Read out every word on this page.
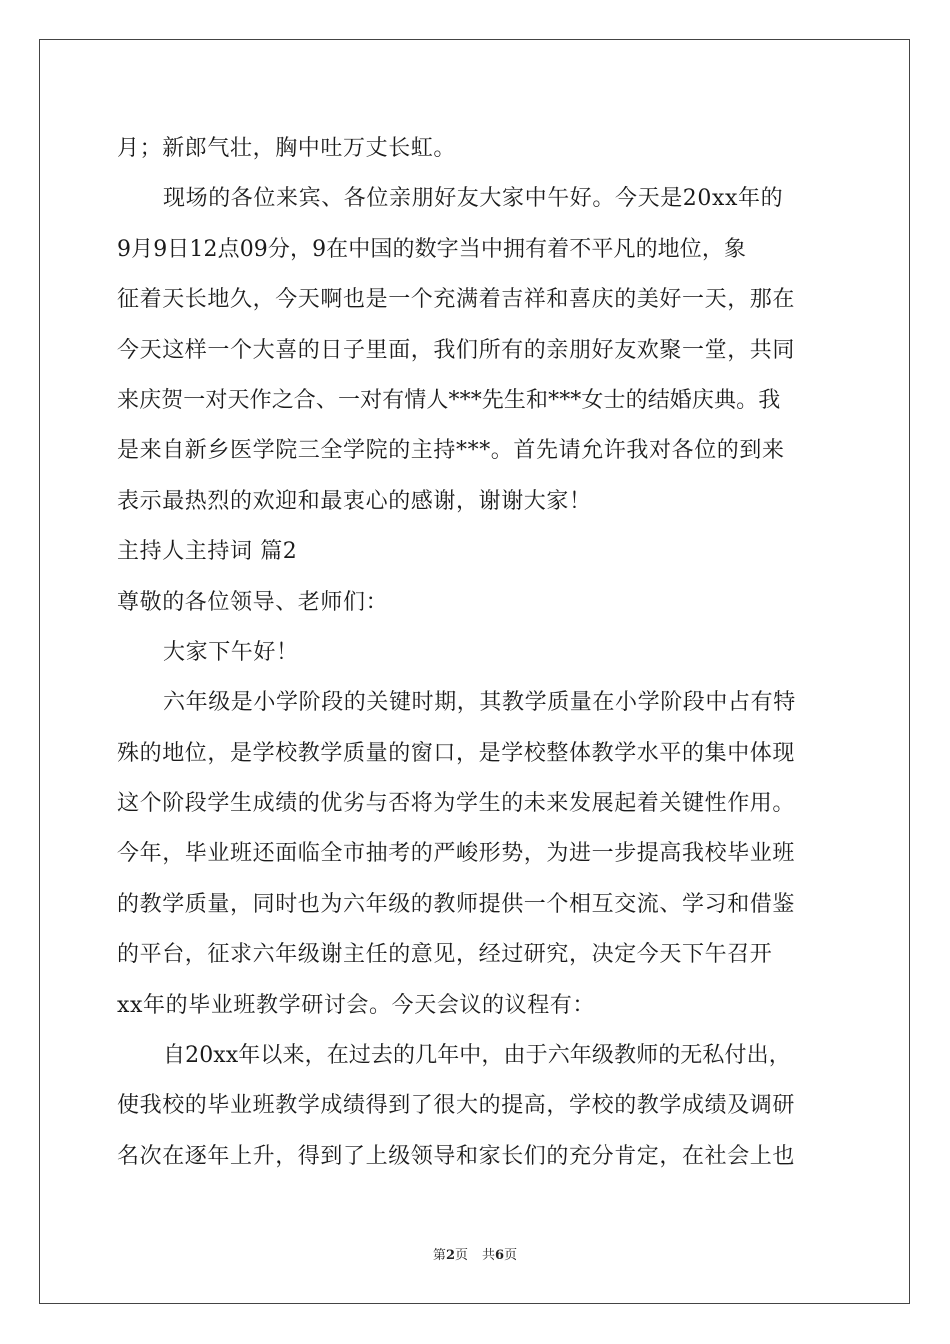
月；新郎气壮，胸中吐万丈长虹。
现场的各位来宾、各位亲朋好友大家中午好。今天是20xx年的
9月9日12点09分，9在中国的数字当中拥有着不平凡的地位，象
征着天长地久，今天啊也是一个充满着吉祥和喜庆的美好一天，那在
今天这样一个大喜的日子里面，我们所有的亲朋好友欢聚一堂，共同
来庆贺一对天作之合、一对有情人***先生和***女士的结婚庆典。我
是来自新乡医学院三全学院的主持***。首先请允许我对各位的到来
表示最热烈的欢迎和最衷心的感谢，谢谢大家！
主持人主持词 篇2
尊敬的各位领导、老师们：
大家下午好！
六年级是小学阶段的关键时期，其教学质量在小学阶段中占有特
殊的地位，是学校教学质量的窗口，是学校整体教学水平的集中体现
这个阶段学生成绩的优劣与否将为学生的未来发展起着关键性作用。
今年，毕业班还面临全市抽考的严峻形势，为进一步提高我校毕业班
的教学质量，同时也为六年级的教师提供一个相互交流、学习和借鉴
的平台，征求六年级谢主任的意见，经过研究，决定今天下午召开
xx年的毕业班教学研讨会。今天会议的议程有：
自20xx年以来，在过去的几年中，由于六年级教师的无私付出，
使我校的毕业班教学成绩得到了很大的提高，学校的教学成绩及调研
名次在逐年上升，得到了上级领导和家长们的充分肯定，在社会上也
第2页 共6页
